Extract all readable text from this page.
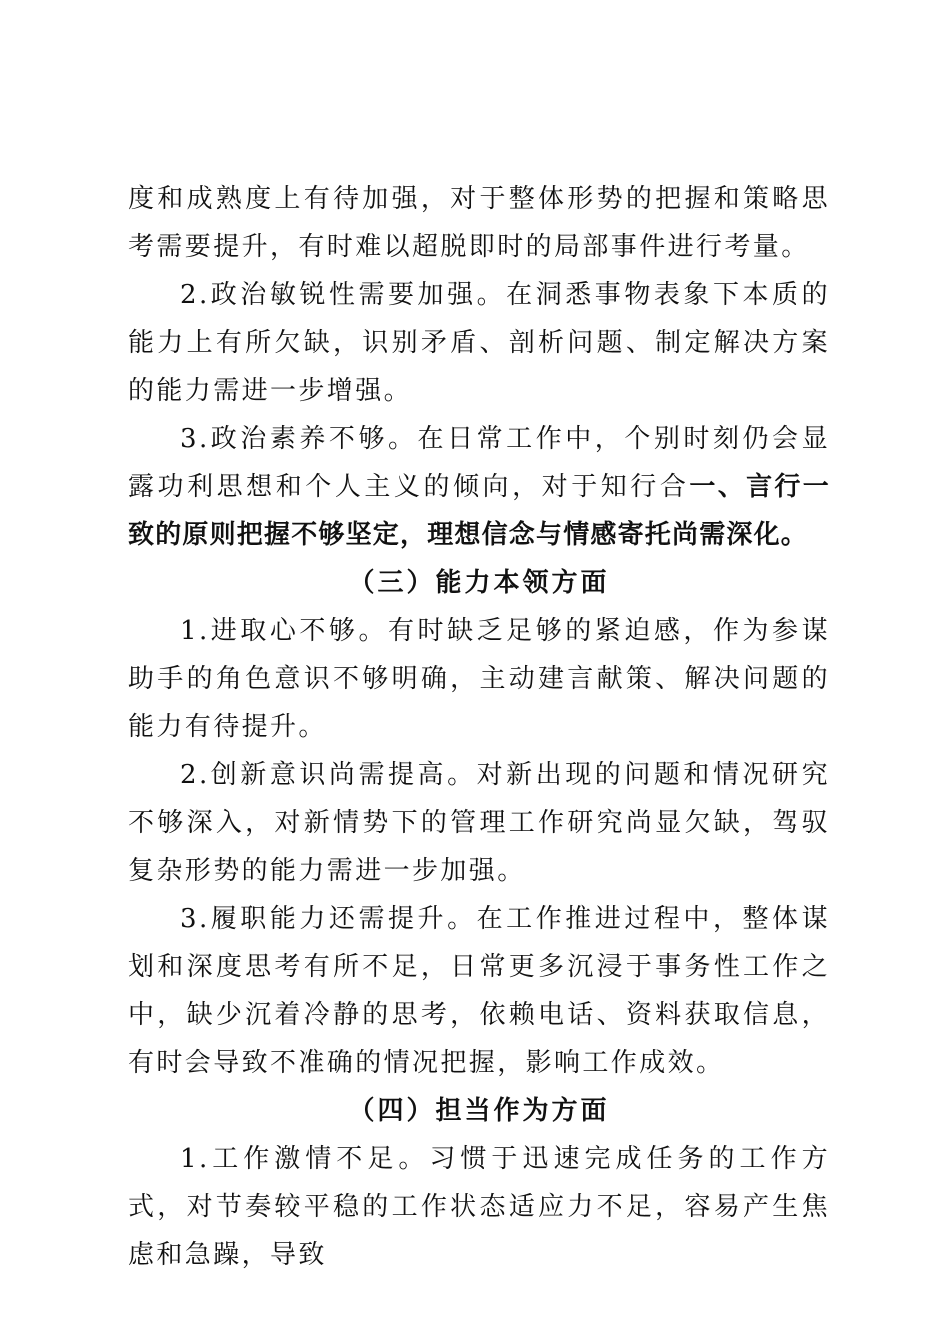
度和成熟度上有待加强，对于整体形势的把握和策略思考需要提升，有时难以超脱即时的局部事件进行考量。

2.政治敏锐性需要加强。在洞悉事物表象下本质的能力上有所欠缺，识别矛盾、剖析问题、制定解决方案的能力需进一步增强。

3.政治素养不够。在日常工作中，个别时刻仍会显露功利思想和个人主义的倾向，对于知行合一、言行一致的原则把握不够坚定，理想信念与情感寄托尚需深化。

（三）能力本领方面

1.进取心不够。有时缺乏足够的紧迫感，作为参谋助手的角色意识不够明确，主动建言献策、解决问题的能力有待提升。

2.创新意识尚需提高。对新出现的问题和情况研究不够深入，对新情势下的管理工作研究尚显欠缺，驾驭复杂形势的能力需进一步加强。

3.履职能力还需提升。在工作推进过程中，整体谋划和深度思考有所不足，日常更多沉浸于事务性工作之中，缺少沉着冷静的思考，依赖电话、资料获取信息，有时会导致不准确的情况把握，影响工作成效。

（四）担当作为方面

1.工作激情不足。习惯于迅速完成任务的工作方式，对节奏较平稳的工作状态适应力不足，容易产生焦虑和急躁，导致
